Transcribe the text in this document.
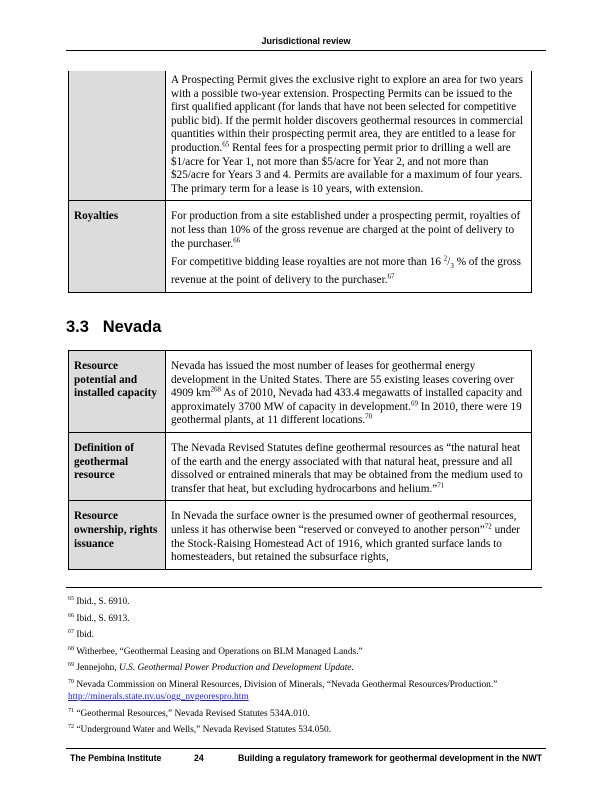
Jurisdictional review

	A Prospecting Permit gives the exclusive right to explore an area for two years with a possible two-year extension. Prospecting Permits can be issued to the first qualified applicant (for lands that have not been selected for competitive public bid). If the permit holder discovers geothermal resources in commercial quantities within their prospecting permit area, they are entitled to a lease for production.$^{65}$ Rental fees for a prospecting permit prior to drilling a well are $1/acre for Year 1, not more than $5/acre for Year 2, and not more than $25/acre for Years 3 and 4. Permits are available for a maximum of four years. The primary term for a lease is 10 years, with extension.

Royalties	For production from a site established under a prospecting permit, royalties of not less than 10% of the gross revenue are charged at the point of delivery to the purchaser.$^{66}$

For competitive bidding lease royalties are not more than 16 $^2/_3$ % of the gross revenue at the point of delivery to the purchaser.$^{67}$

3.3 Nevada
Resource potential and installed capacity	Nevada has issued the most number of leases for geothermal energy development in the United States. There are 55 existing leases covering over 4909 $km^{268}$ As of 2010, Nevada had 433.4 megawatts of installed capacity and approximately 3700 MW of capacity in development.$^{69}$ In 2010, there were 19 geothermal plants, at 11 different locations.$^{70}$

Definition of geothermal resource	The Nevada Revised Statutes define geothermal resources as “the natural heat of the earth and the energy associated with that natural heat, pressure and all dissolved or entrained minerals that may be obtained from the medium used to transfer that heat, but excluding hydrocarbons and helium.”$^{71}$

Resource ownership, rights issuance	In Nevada the surface owner is the presumed owner of geothermal resources, unless it has otherwise been “reserved or conveyed to another person”$^{72}$ under the Stock-Raising Homestead Act of 1916, which granted surface lands to homesteaders, but retained the subsurface rights,

$^{65}$ Ibid., S. 6910.
$^{66}$ Ibid., S. 6913.
$^{67}$ Ibid.
$^{68}$ Witherbee, “Geothermal Leasing and Operations on BLM Managed Lands.”
$^{69}$ Jennejohn, U.S. Geothermal Power Production and Development Update.
$^{70}$ Nevada Commission on Mineral Resources, Division of Minerals, “Nevada Geothermal Resources/Production.”
http://minerals.state.nv.us/ogg_nvgeorespro.htm
$^{71}$ “Geothermal Resources,” Nevada Revised Statutes 534A.010.
$^{72}$ “Underground Water and Wells,” Nevada Revised Statutes 534.050.
The Pembina Institute	24	Building a regulatory framework for geothermal development in the NWT
